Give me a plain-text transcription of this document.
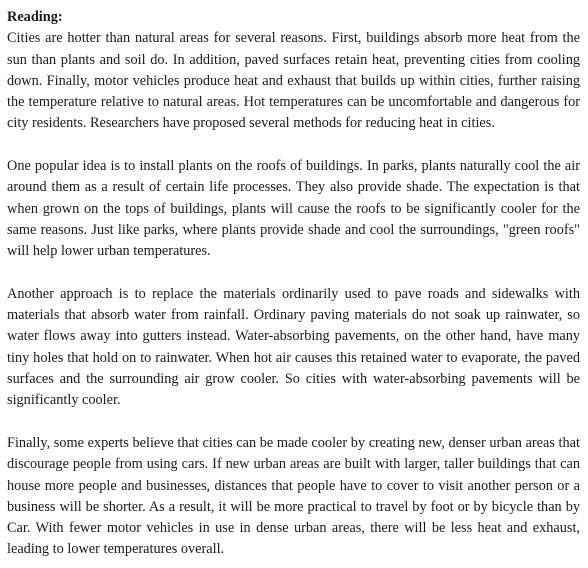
Reading:

Cities are hotter than natural areas for several reasons. First, buildings absorb more heat from the sun than plants and soil do. In addition, paved surfaces retain heat, preventing cities from cooling down. Finally, motor vehicles produce heat and exhaust that builds up within cities, further raising the temperature relative to natural areas. Hot temperatures can be uncomfortable and dangerous for city residents. Researchers have proposed several methods for reducing heat in cities.

One popular idea is to install plants on the roofs of buildings. In parks, plants naturally cool the air around them as a result of certain life processes. They also provide shade. The expectation is that when grown on the tops of buildings, plants will cause the roofs to be significantly cooler for the same reasons. Just like parks, where plants provide shade and cool the surroundings, "green roofs" will help lower urban temperatures.

Another approach is to replace the materials ordinarily used to pave roads and sidewalks with materials that absorb water from rainfall. Ordinary paving materials do not soak up rainwater, so water flows away into gutters instead. Water-absorbing pavements, on the other hand, have many tiny holes that hold on to rainwater. When hot air causes this retained water to evaporate, the paved surfaces and the surrounding air grow cooler. So cities with water-absorbing pavements will be significantly cooler.

Finally, some experts believe that cities can be made cooler by creating new, denser urban areas that discourage people from using cars. If new urban areas are built with larger, taller buildings that can house more people and businesses, distances that people have to cover to visit another person or a business will be shorter. As a result, it will be more practical to travel by foot or by bicycle than by Car. With fewer motor vehicles in use in dense urban areas, there will be less heat and exhaust, leading to lower temperatures overall.
